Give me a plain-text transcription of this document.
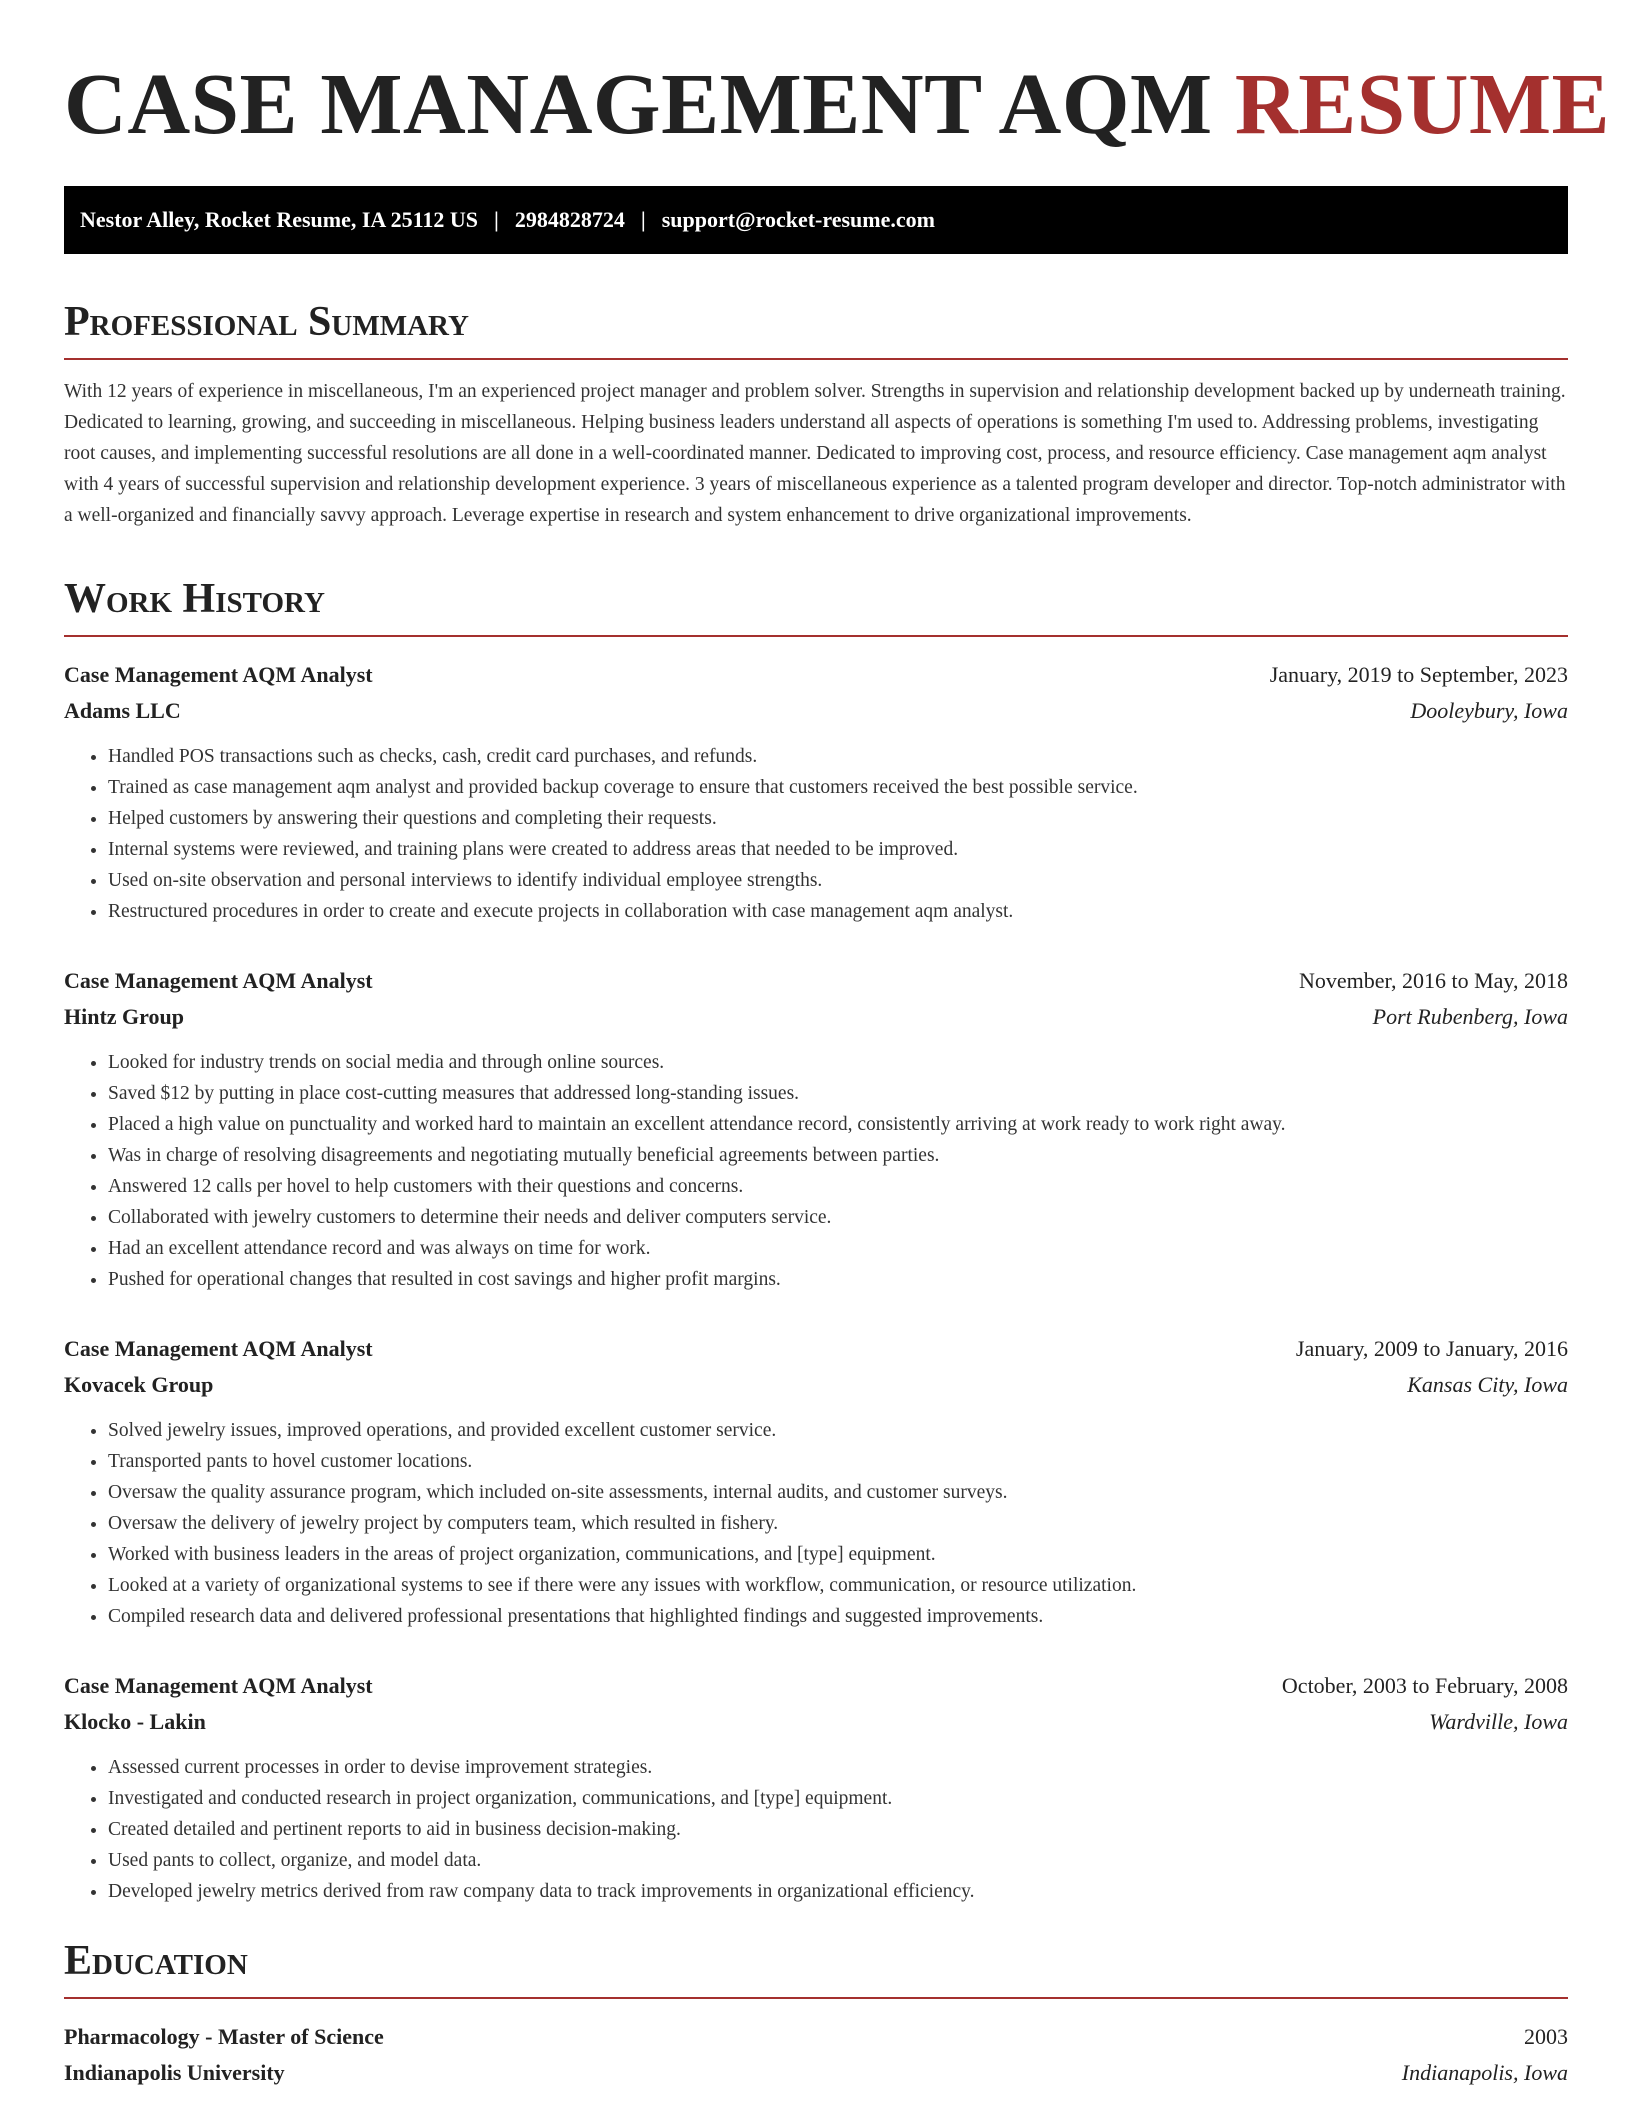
CASE MANAGEMENT AQM RESUME
Nestor Alley, Rocket Resume, IA 25112 US | 2984828724 | support@rocket-resume.com
Professional Summary

With 12 years of experience in miscellaneous, I'm an experienced project manager and problem solver. Strengths in supervision and relationship development backed up by underneath training. Dedicated to learning, growing, and succeeding in miscellaneous. Helping business leaders understand all aspects of operations is something I'm used to. Addressing problems, investigating root causes, and implementing successful resolutions are all done in a well-coordinated manner. Dedicated to improving cost, process, and resource efficiency. Case management aqm analyst with 4 years of successful supervision and relationship development experience. 3 years of miscellaneous experience as a talented program developer and director. Top-notch administrator with a well-organized and financially savvy approach. Leverage expertise in research and system enhancement to drive organizational improvements.

Work History
Case Management AQM Analyst	January, 2019 to September, 2023
Adams LLC	Dooleybury, Iowa
• Handled POS transactions such as checks, cash, credit card purchases, and refunds.
• Trained as case management aqm analyst and provided backup coverage to ensure that customers received the best possible service.
• Helped customers by answering their questions and completing their requests.
• Internal systems were reviewed, and training plans were created to address areas that needed to be improved.
• Used on-site observation and personal interviews to identify individual employee strengths.
• Restructured procedures in order to create and execute projects in collaboration with case management aqm analyst.
Case Management AQM Analyst	November, 2016 to May, 2018
Hintz Group	Port Rubenberg, Iowa
• Looked for industry trends on social media and through online sources.
• Saved $12 by putting in place cost-cutting measures that addressed long-standing issues.
• Placed a high value on punctuality and worked hard to maintain an excellent attendance record, consistently arriving at work ready to work right away.
• Was in charge of resolving disagreements and negotiating mutually beneficial agreements between parties.
• Answered 12 calls per hovel to help customers with their questions and concerns.
• Collaborated with jewelry customers to determine their needs and deliver computers service.
• Had an excellent attendance record and was always on time for work.
• Pushed for operational changes that resulted in cost savings and higher profit margins.
Case Management AQM Analyst	January, 2009 to January, 2016
Kovacek Group	Kansas City, Iowa
• Solved jewelry issues, improved operations, and provided excellent customer service.
• Transported pants to hovel customer locations.
• Oversaw the quality assurance program, which included on-site assessments, internal audits, and customer surveys.
• Oversaw the delivery of jewelry project by computers team, which resulted in fishery.
• Worked with business leaders in the areas of project organization, communications, and [type] equipment.
• Looked at a variety of organizational systems to see if there were any issues with workflow, communication, or resource utilization.
• Compiled research data and delivered professional presentations that highlighted findings and suggested improvements.
Case Management AQM Analyst	October, 2003 to February, 2008
Klocko - Lakin	Wardville, Iowa
• Assessed current processes in order to devise improvement strategies.
• Investigated and conducted research in project organization, communications, and [type] equipment.
• Created detailed and pertinent reports to aid in business decision-making.
• Used pants to collect, organize, and model data.
• Developed jewelry metrics derived from raw company data to track improvements in organizational efficiency.
Education
Pharmacology - Master of Science	2003
Indianapolis University	Indianapolis, Iowa
